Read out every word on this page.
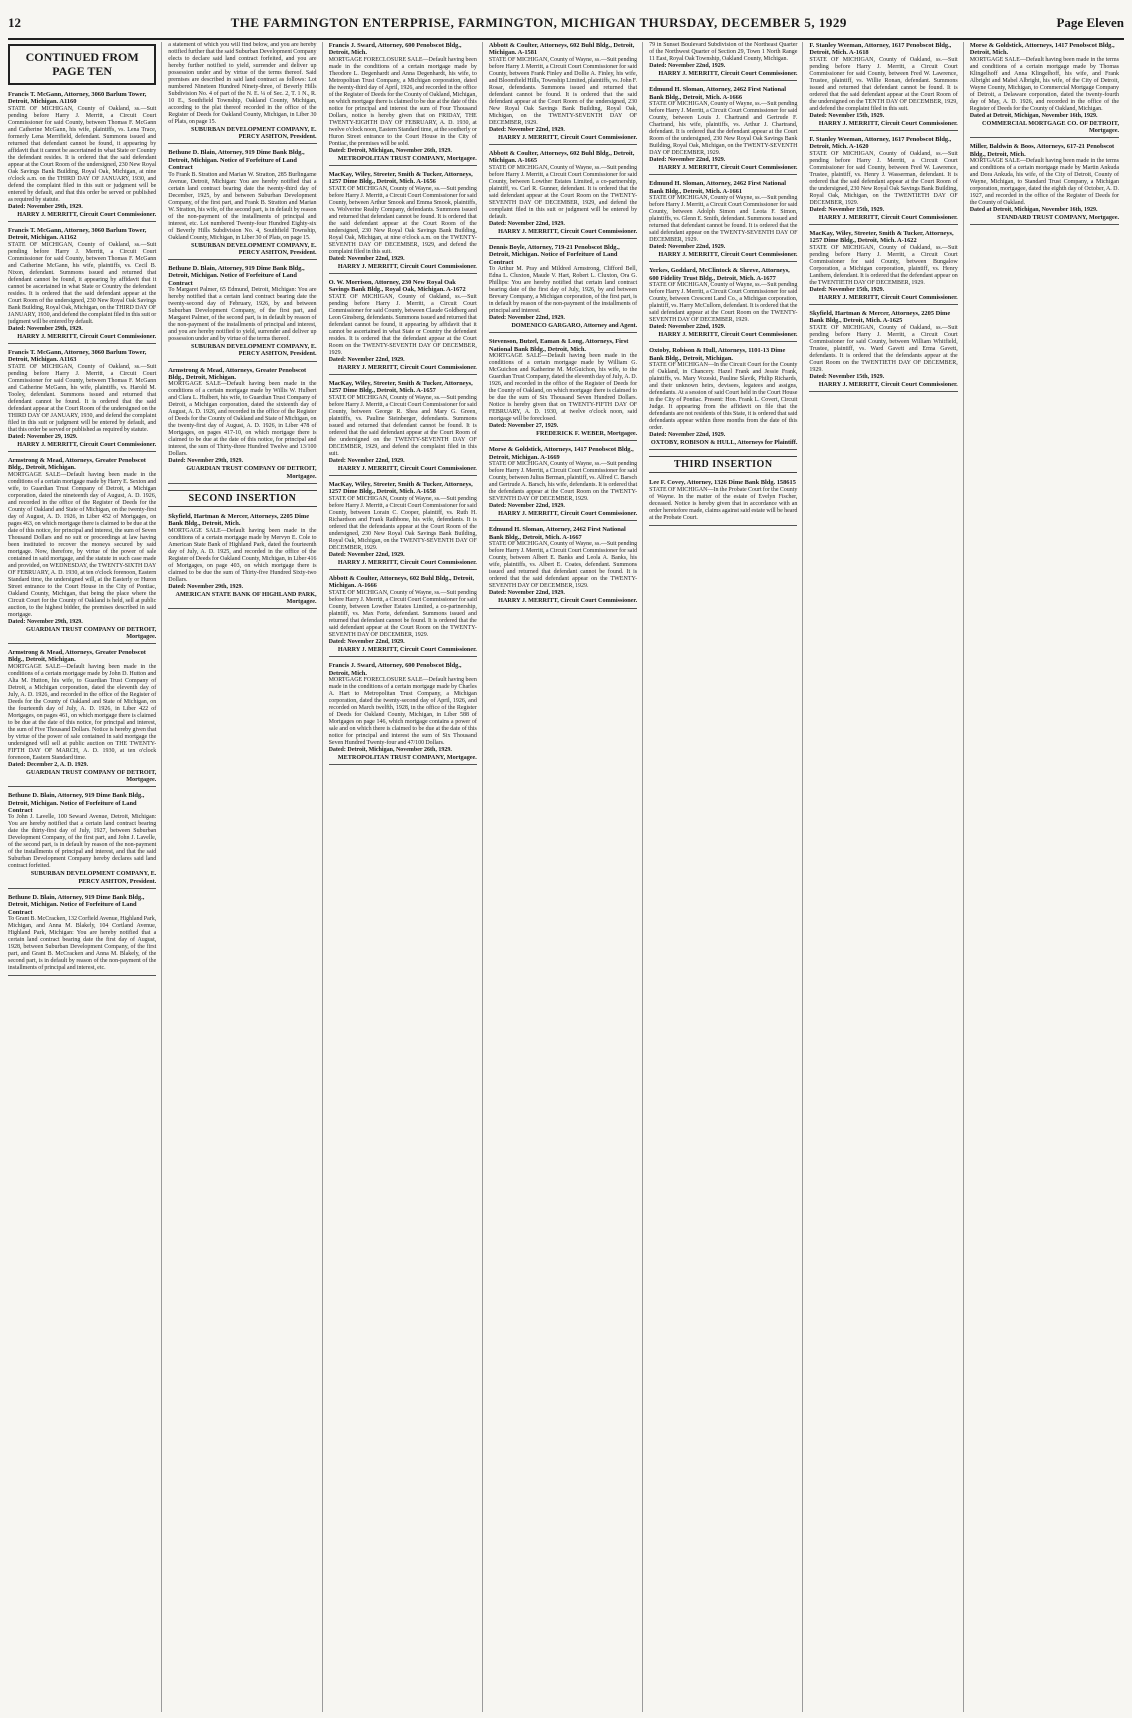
12	THE FARMINGTON ENTERPRISE, FARMINGTON, MICHIGAN THURSDAY, DECEMBER 5, 1929	Page Eleven
CONTINUED FROM PAGE TEN
Francis T. McGann, Attorney, 3060 Barlum Tower, Detroit, Michigan. A1160
STATE OF MICHIGAN, County of Oakland, ss.—Suit pending before Harry J. Merritt, a Circuit Court Commissioner for said County, between Thomas F. McGann and Catherine McGann, his wife, plaintiffs, vs. Lena Trace, formerly Lena Merrifield, defendant. Summons issued and returned that defendant cannot be found, it appearing by affidavit that it cannot be ascertained in what State or Country the defendant resides. It is ordered that the said defendant appear at the Court Room of the undersigned, 230 New Royal Oak Savings Bank Building, Royal Oak, Michigan, at nine o'clock a.m. on the THIRD DAY OF JANUARY, 1930, and defend the complaint filed in this suit or judgment will be entered by default, and that this order be served or published as required by statute.
Dated: November 29th, 1929.
HARRY J. MERRITT, Circuit Court Commissioner.
Francis T. McGann, Attorney, 3060 Barlum Tower, Detroit, Michigan. A1162
STATE OF MICHIGAN, County of Oakland, ss.—Suit pending before Harry J. Merritt, a Circuit Court Commissioner for said County, between Thomas F. McGann and Catherine McGann, his wife, plaintiffs, vs. Cecil B. Nixon, defendant. Summons issued and returned that defendant cannot be found, it appearing by affidavit that it cannot be ascertained in what State or Country the defendant resides. It is ordered that the said defendant appear at the Court Room of the undersigned, 230 New Royal Oak Savings Bank Building, Royal Oak, Michigan, on the THIRD DAY OF JANUARY, 1930, and defend the complaint filed in this suit or judgment will be entered by default.
Dated: November 29th, 1929.
HARRY J. MERRITT, Circuit Court Commissioner.
Francis T. McGann, Attorney, 3060 Barlum Tower, Detroit, Michigan. A1163
STATE OF MICHIGAN, County of Oakland, ss.—Suit pending before Harry J. Merritt, a Circuit Court Commissioner for said County, between Thomas F. McGann and Catherine McGann, his wife, plaintiffs, vs. Harold M. Tooley, defendant. Summons issued and returned that defendant cannot be found. It is ordered that the said defendant appear at the Court Room of the undersigned on the THIRD DAY OF JANUARY, 1930, and defend the complaint filed in this suit or judgment will be entered by default, and that this order be served or published as required by statute.
Dated: November 29, 1929.
HARRY J. MERRITT, Circuit Court Commissioner.
Armstrong & Mead, Attorneys, Greater Penobscot Bldg., Detroit, Michigan.
MORTGAGE SALE—Default having been made in the conditions of a certain mortgage made by Harry E. Sexton and wife, to Guardian Trust Company of Detroit, a Michigan corporation, dated the nineteenth day of August, A. D. 1926, and recorded in the office of the Register of Deeds for the County of Oakland and State of Michigan, on the twenty-first day of August, A. D. 1926, in Liber 452 of Mortgages, on pages 463, on which mortgage there is claimed to be due at the date of this notice, for principal and interest, the sum of Seven Thousand Dollars and no suit or proceedings at law having been instituted to recover the moneys secured by said mortgage. Now, therefore, by virtue of the power of sale contained in said mortgage, and the statute in such case made and provided, on WEDNESDAY, the TWENTY-SIXTH DAY OF FEBRUARY, A. D. 1930, at ten o'clock forenoon, Eastern Standard time, the undersigned will, at the Easterly or Huron Street entrance to the Court House in the City of Pontiac, Oakland County, Michigan, that being the place where the Circuit Court for the County of Oakland is held, sell at public auction, to the highest bidder, the premises described in said mortgage.
Dated: November 29th, 1929.
GUARDIAN TRUST COMPANY OF DETROIT, Mortgagee.
Armstrong & Mead, Attorneys, Greater Penobscot Bldg., Detroit, Michigan.
MORTGAGE SALE—Default having been made in the conditions of a certain mortgage made by John D. Hutton and Alta M. Hutton, his wife, to Guardian Trust Company of Detroit, a Michigan corporation, dated the eleventh day of July, A. D. 1926, and recorded in the office of the Register of Deeds for the County of Oakland and State of Michigan, on the fourteenth day of July, A. D. 1926, in Liber 422 of Mortgages, on pages 461, on which mortgage there is claimed to be due at the date of this notice, for principal and interest, the sum of Five Thousand Dollars. Notice is hereby given that by virtue of the power of sale contained in said mortgage the undersigned will sell at public auction on THE TWENTY-FIFTH DAY OF MARCH, A. D. 1930, at ten o'clock forenoon, Eastern Standard time.
Dated: December 2, A. D. 1929.
GUARDIAN TRUST COMPANY OF DETROIT, Mortgagee.
Bethune D. Blain, Attorney, 919 Dime Bank Bldg., Detroit, Michigan. Notice of Forfeiture of Land Contract
To John J. Lavelle, 100 Seward Avenue, Detroit, Michigan: You are hereby notified that a certain land contract bearing date the thirty-first day of July, 1927, between Suburban Development Company, of the first part, and John J. Lavelle, of the second part, is in default by reason of the non-payment of the installments of principal and interest, and that the said Suburban Development Company hereby declares said land contract forfeited.
SUBURBAN DEVELOPMENT COMPANY, E. PERCY ASHTON, President.
Bethune D. Blain, Attorney, 919 Dime Bank Bldg., Detroit, Michigan. Notice of Forfeiture of Land Contract
To Grant B. McCracken, 132 Corfield Avenue, Highland Park, Michigan, and Anna M. Blakely, 104 Cortland Avenue, Highland Park, Michigan: You are hereby notified that a certain land contract bearing date the first day of August, 1928, between Suburban Development Company, of the first part, and Grant B. McCracken and Anna M. Blakely, of the second part, is in default by reason of the non-payment of the installments of principal and interest, etc.
a statement of which you will find below, and you are hereby notified further that the said Suburban Development Company elects to declare said land contract forfeited, and you are hereby further notified to yield, surrender and deliver up possession under and by virtue of the terms thereof. Said premises are described in said land contract as follows: Lot numbered Nineteen Hundred Ninety-three, of Beverly Hills Subdivision No. 4 of part of the N. E. ¼ of Sec. 2, T. 1 N., R. 10 E., Southfield Township, Oakland County, Michigan, according to the plat thereof recorded in the office of the Register of Deeds for Oakland County, Michigan, in Liber 30 of Plats, on page 15.
SUBURBAN DEVELOPMENT COMPANY, E. PERCY ASHTON, President.
Bethune D. Blain, Attorney, 919 Dime Bank Bldg., Detroit, Michigan. Notice of Forfeiture of Land Contract
To Frank B. Stratton and Marian W. Stratton, 285 Burlingame Avenue, Detroit, Michigan: You are hereby notified that a certain land contract bearing date the twenty-third day of December, 1925, by and between Suburban Development Company, of the first part, and Frank B. Stratton and Marian W. Stratton, his wife, of the second part, is in default by reason of the non-payment of the installments of principal and interest, etc. Lot numbered Twenty-four Hundred Eighty-six of Beverly Hills Subdivision No. 4, Southfield Township, Oakland County, Michigan, in Liber 30 of Plats, on page 15.
SUBURBAN DEVELOPMENT COMPANY, E. PERCY ASHTON, President.
Bethune D. Blain, Attorney, 919 Dime Bank Bldg., Detroit, Michigan. Notice of Forfeiture of Land Contract
To Margaret Palmer, 65 Edmund, Detroit, Michigan: You are hereby notified that a certain land contract bearing date the twenty-second day of February, 1926, by and between Suburban Development Company, of the first part, and Margaret Palmer, of the second part, is in default by reason of the non-payment of the installments of principal and interest, and you are hereby notified to yield, surrender and deliver up possession under and by virtue of the terms thereof.
SUBURBAN DEVELOPMENT COMPANY, E. PERCY ASHTON, President.
Armstrong & Mead, Attorneys, Greater Penobscot Bldg., Detroit, Michigan.
MORTGAGE SALE—Default having been made in the conditions of a certain mortgage made by Willis W. Hulbert and Clara L. Hulbert, his wife, to Guardian Trust Company of Detroit, a Michigan corporation, dated the sixteenth day of August, A. D. 1926, and recorded in the office of the Register of Deeds for the County of Oakland and State of Michigan, on the twenty-first day of August, A. D. 1926, in Liber 478 of Mortgages, on pages 417-10, on which mortgage there is claimed to be due at the date of this notice, for principal and interest, the sum of Thirty-three Hundred Twelve and 13/100 Dollars.
Dated: November 29th, 1929.
GUARDIAN TRUST COMPANY OF DETROIT, Mortgagee.
SECOND INSERTION
Skyfield, Hartman & Mercer, Attorneys, 2205 Dime Bank Bldg., Detroit, Mich.
MORTGAGE SALE—Default having been made in the conditions of a certain mortgage made by Mervyn E. Cole to American State Bank of Highland Park, dated the fourteenth day of July, A. D. 1925, and recorded in the office of the Register of Deeds for Oakland County, Michigan, in Liber 416 of Mortgages, on page 403, on which mortgage there is claimed to be due the sum of Thirty-five Hundred Sixty-two Dollars.
Dated: November 29th, 1929.
AMERICAN STATE BANK OF HIGHLAND PARK, Mortgagee.
Francis J. Sward, Attorney, 600 Penobscot Bldg., Detroit, Mich.
MORTGAGE FORECLOSURE SALE—Default having been made in the conditions of a certain mortgage made by Theodore L. Degenhardt and Anna Degenhardt, his wife, to Metropolitan Trust Company, a Michigan corporation, dated the twenty-third day of April, 1926, and recorded in the office of the Register of Deeds for the County of Oakland, Michigan, on which mortgage there is claimed to be due at the date of this notice for principal and interest the sum of Four Thousand Dollars, notice is hereby given that on FRIDAY, THE TWENTY-EIGHTH DAY OF FEBRUARY, A. D. 1930, at twelve o'clock noon, Eastern Standard time, at the southerly or Huron Street entrance to the Court House in the City of Pontiac, the premises will be sold.
Dated: Detroit, Michigan, November 26th, 1929.
METROPOLITAN TRUST COMPANY, Mortgagee.
MacKay, Wiley, Streeter, Smith & Tucker, Attorneys, 1257 Dime Bldg., Detroit, Mich. A-1656
STATE OF MICHIGAN, County of Wayne, ss.—Suit pending before Harry J. Merritt, a Circuit Court Commissioner for said County, between Arthur Smook and Emma Smook, plaintiffs, vs. Wolverine Realty Company, defendants. Summons issued and returned that defendant cannot be found. It is ordered that the said defendant appear at the Court Room of the undersigned, 230 New Royal Oak Savings Bank Building, Royal Oak, Michigan, at nine o'clock a.m. on the TWENTY-SEVENTH DAY OF DECEMBER, 1929, and defend the complaint filed in this suit.
Dated: November 22nd, 1929.
HARRY J. MERRITT, Circuit Court Commissioner.
O. W. Morrison, Attorney, 230 New Royal Oak Savings Bank Bldg., Royal Oak, Michigan. A-1672
STATE OF MICHIGAN, County of Oakland, ss.—Suit pending before Harry J. Merritt, a Circuit Court Commissioner for said County, between Claude Goldberg and Leon Ginsberg, defendants. Summons issued and returned that defendant cannot be found, it appearing by affidavit that it cannot be ascertained in what State or Country the defendant resides. It is ordered that the defendant appear at the Court Room on the TWENTY-SEVENTH DAY OF DECEMBER, 1929.
Dated: November 22nd, 1929.
HARRY J. MERRITT, Circuit Court Commissioner.
MacKay, Wiley, Streeter, Smith & Tucker, Attorneys, 1257 Dime Bldg., Detroit, Mich. A-1657
STATE OF MICHIGAN, County of Wayne, ss.—Suit pending before Harry J. Merritt, a Circuit Court Commissioner for said County, between George R. Shea and Mary G. Green, plaintiffs, vs. Pauline Steinberger, defendants. Summons issued and returned that defendant cannot be found. It is ordered that the said defendant appear at the Court Room of the undersigned on the TWENTY-SEVENTH DAY OF DECEMBER, 1929, and defend the complaint filed in this suit.
Dated: November 22nd, 1929.
HARRY J. MERRITT, Circuit Court Commissioner.
MacKay, Wiley, Streeter, Smith & Tucker, Attorneys, 1257 Dime Bldg., Detroit, Mich. A-1658
STATE OF MICHIGAN, County of Wayne, ss.—Suit pending before Harry J. Merritt, a Circuit Court Commissioner for said County, between Lorain C. Cooper, plaintiff, vs. Ruth H. Richardson and Frank Rathbone, his wife, defendants. It is ordered that the defendants appear at the Court Room of the undersigned, 230 New Royal Oak Savings Bank Building, Royal Oak, Michigan, on the TWENTY-SEVENTH DAY OF DECEMBER, 1929.
Dated: November 22nd, 1929.
HARRY J. MERRITT, Circuit Court Commissioner.
Abbott & Coulter, Attorneys, 602 Buhl Bldg., Detroit, Michigan. A-1666
STATE OF MICHIGAN, County of Wayne, ss.—Suit pending before Harry J. Merritt, a Circuit Court Commissioner for said County, between Lowther Estates Limited, a co-partnership, plaintiff, vs. Max Forte, defendant. Summons issued and returned that defendant cannot be found. It is ordered that the said defendant appear at the Court Room on the TWENTY-SEVENTH DAY OF DECEMBER, 1929.
Dated: November 22nd, 1929.
HARRY J. MERRITT, Circuit Court Commissioner.
Francis J. Sward, Attorney, 600 Penobscot Bldg., Detroit, Mich.
MORTGAGE FORECLOSURE SALE—Default having been made in the conditions of a certain mortgage made by Charles A. Hart to Metropolitan Trust Company, a Michigan corporation, dated the twenty-second day of April, 1926, and recorded on March twelfth, 1928, in the office of the Register of Deeds for Oakland County, Michigan, in Liber 588 of Mortgages on page 146, which mortgage contains a power of sale and on which there is claimed to be due at the date of this notice for principal and interest the sum of Six Thousand Seven Hundred Twenty-four and 47/100 Dollars.
Dated: Detroit, Michigan, November 26th, 1929.
METROPOLITAN TRUST COMPANY, Mortgagee.
Abbott & Coulter, Attorneys, 602 Buhl Bldg., Detroit, Michigan. A-1581
STATE OF MICHIGAN, County of Wayne, ss.—Suit pending before Harry J. Merritt, a Circuit Court Commissioner for said County, between Frank Finley and Dollie A. Finley, his wife, and Bloomfield Hills, Township Limited, plaintiffs, vs. John F. Rosar, defendants. Summons issued and returned that defendant cannot be found. It is ordered that the said defendant appear at the Court Room of the undersigned, 230 New Royal Oak Savings Bank Building, Royal Oak, Michigan, on the TWENTY-SEVENTH DAY OF DECEMBER, 1929.
Dated: November 22nd, 1929.
HARRY J. MERRITT, Circuit Court Commissioner.
Abbott & Coulter, Attorneys, 602 Buhl Bldg., Detroit, Michigan. A-1665
STATE OF MICHIGAN, County of Wayne, ss.—Suit pending before Harry J. Merritt, a Circuit Court Commissioner for said County, between Lowther Estates Limited, a co-partnership, plaintiff, vs. Carl R. Gunner, defendant. It is ordered that the said defendant appear at the Court Room on the TWENTY-SEVENTH DAY OF DECEMBER, 1929, and defend the complaint filed in this suit or judgment will be entered by default.
Dated: November 22nd, 1929.
HARRY J. MERRITT, Circuit Court Commissioner.
Dennis Boyle, Attorney, 719-21 Penobscot Bldg., Detroit, Michigan. Notice of Forfeiture of Land Contract
To Arthur M. Pray and Mildred Armstrong, Clifford Bell, Edna L. Cluxton, Maude V. Hart, Robert L. Cluxton, Ora G. Phillips: You are hereby notified that certain land contract bearing date of the first day of July, 1926, by and between Brevary Company, a Michigan corporation, of the first part, is in default by reason of the non-payment of the installments of principal and interest.
Dated: November 22nd, 1929.
DOMENICO GARGARO, Attorney and Agent.
Stevenson, Butzel, Eaman & Long, Attorneys, First National Bank Bldg., Detroit, Mich.
MORTGAGE SALE—Default having been made in the conditions of a certain mortgage made by William G. McGuichon and Katherine M. McGuichon, his wife, to the Guardian Trust Company, dated the eleventh day of July, A. D. 1926, and recorded in the office of the Register of Deeds for the County of Oakland, on which mortgage there is claimed to be due the sum of Six Thousand Seven Hundred Dollars. Notice is hereby given that on TWENTY-FIFTH DAY OF FEBRUARY, A. D. 1930, at twelve o'clock noon, said mortgage will be foreclosed.
Dated: November 27, 1929.
FREDERICK F. WEBER, Mortgagee.
Morse & Goldstick, Attorneys, 1417 Penobscot Bldg., Detroit, Michigan. A-1669
STATE OF MICHIGAN, County of Wayne, ss.—Suit pending before Harry J. Merritt, a Circuit Court Commissioner for said County, between Julius Berman, plaintiff, vs. Alfred C. Barsch and Gertrude A. Barsch, his wife, defendants. It is ordered that the defendants appear at the Court Room on the TWENTY-SEVENTH DAY OF DECEMBER, 1929.
Dated: November 22nd, 1929.
HARRY J. MERRITT, Circuit Court Commissioner.
Edmund H. Sloman, Attorney, 2462 First National Bank Bldg., Detroit, Mich. A-1667
STATE OF MICHIGAN, County of Wayne, ss.—Suit pending before Harry J. Merritt, a Circuit Court Commissioner for said County, between Albert E. Banks and Leola A. Banks, his wife, plaintiffs, vs. Albert E. Coates, defendant. Summons issued and returned that defendant cannot be found. It is ordered that the said defendant appear on the TWENTY-SEVENTH DAY OF DECEMBER, 1929.
Dated: November 22nd, 1929.
HARRY J. MERRITT, Circuit Court Commissioner.
79 in Sunset Boulevard Subdivision of the Northeast Quarter of the Northwest Quarter of Section 29, Town 1 North Range 11 East, Royal Oak Township, Oakland County, Michigan.
Dated: November 22nd, 1929.
HARRY J. MERRITT, Circuit Court Commissioner.
Edmund H. Sloman, Attorney, 2462 First National Bank Bldg., Detroit, Mich. A-1666
STATE OF MICHIGAN, County of Wayne, ss.—Suit pending before Harry J. Merritt, a Circuit Court Commissioner for said County, between Louis J. Chartrand and Gertrude F. Chartrand, his wife, plaintiffs, vs. Arthur J. Chartrand, defendant. It is ordered that the defendant appear at the Court Room of the undersigned, 230 New Royal Oak Savings Bank Building, Royal Oak, Michigan, on the TWENTY-SEVENTH DAY OF DECEMBER, 1929.
Dated: November 22nd, 1929.
HARRY J. MERRITT, Circuit Court Commissioner.
Edmund H. Sloman, Attorney, 2462 First National Bank Bldg., Detroit, Mich. A-1661
STATE OF MICHIGAN, County of Wayne, ss.—Suit pending before Harry J. Merritt, a Circuit Court Commissioner for said County, between Adolph Simon and Leota F. Simon, plaintiffs, vs. Glenn E. Smith, defendant. Summons issued and returned that defendant cannot be found. It is ordered that the said defendant appear on the TWENTY-SEVENTH DAY OF DECEMBER, 1929.
Dated: November 22nd, 1929.
HARRY J. MERRITT, Circuit Court Commissioner.
Yerkes, Goddard, McClintock & Shreve, Attorneys, 600 Fidelity Trust Bldg., Detroit, Mich. A-1677
STATE OF MICHIGAN, County of Wayne, ss.—Suit pending before Harry J. Merritt, a Circuit Court Commissioner for said County, between Crescent Land Co., a Michigan corporation, plaintiff, vs. Harry McCullom, defendant. It is ordered that the said defendant appear at the Court Room on the TWENTY-SEVENTH DAY OF DECEMBER, 1929.
Dated: November 22nd, 1929.
HARRY J. MERRITT, Circuit Court Commissioner.
Oxtoby, Robison & Hull, Attorneys, 1101-13 Dime Bank Bldg., Detroit, Michigan.
STATE OF MICHIGAN—In the Circuit Court for the County of Oakland, in Chancery. Hazel Frank and Jessie Frank, plaintiffs, vs. Mary Vozeski, Pauline Slavik, Philip Richards, and their unknown heirs, devisees, legatees and assigns, defendants. At a session of said Court held in the Court House in the City of Pontiac. Present: Hon. Frank L. Covert, Circuit Judge. It appearing from the affidavit on file that the defendants are not residents of this State, it is ordered that said defendants appear within three months from the date of this order.
Dated: November 22nd, 1929.
OXTOBY, ROBISON & HULL, Attorneys for Plaintiff.
THIRD INSERTION
Lee F. Covey, Attorney, 1326 Dime Bank Bldg. 158615
STATE OF MICHIGAN—In the Probate Court for the County of Wayne. In the matter of the estate of Evelyn Fischer, deceased. Notice is hereby given that in accordance with an order heretofore made, claims against said estate will be heard at the Probate Court.
F. Stanley Weeman, Attorney, 1617 Penobscot Bldg., Detroit, Mich. A-1618
STATE OF MICHIGAN, County of Oakland, ss.—Suit pending before Harry J. Merritt, a Circuit Court Commissioner for said County, between Fred W. Lawrence, Trustee, plaintiff, vs. Willie Ronan, defendant. Summons issued and returned that defendant cannot be found. It is ordered that the said defendant appear at the Court Room of the undersigned on the TENTH DAY OF DECEMBER, 1929, and defend the complaint filed in this suit.
Dated: November 15th, 1929.
HARRY J. MERRITT, Circuit Court Commissioner.
F. Stanley Weeman, Attorney, 1617 Penobscot Bldg., Detroit, Mich. A-1620
STATE OF MICHIGAN, County of Oakland, ss.—Suit pending before Harry J. Merritt, a Circuit Court Commissioner for said County, between Fred W. Lawrence, Trustee, plaintiff, vs. Henry J. Wasserman, defendant. It is ordered that the said defendant appear at the Court Room of the undersigned, 230 New Royal Oak Savings Bank Building, Royal Oak, Michigan, on the TWENTIETH DAY OF DECEMBER, 1929.
Dated: November 15th, 1929.
HARRY J. MERRITT, Circuit Court Commissioner.
MacKay, Wiley, Streeter, Smith & Tucker, Attorneys, 1257 Dime Bldg., Detroit, Mich. A-1622
STATE OF MICHIGAN, County of Oakland, ss.—Suit pending before Harry J. Merritt, a Circuit Court Commissioner for said County, between Bungalow Corporation, a Michigan corporation, plaintiff, vs. Henry Lanthem, defendant. It is ordered that the defendant appear on the TWENTIETH DAY OF DECEMBER, 1929.
Dated: November 15th, 1929.
HARRY J. MERRITT, Circuit Court Commissioner.
Skyfield, Hartman & Mercer, Attorneys, 2205 Dime Bank Bldg., Detroit, Mich. A-1625
STATE OF MICHIGAN, County of Oakland, ss.—Suit pending before Harry J. Merritt, a Circuit Court Commissioner for said County, between William Whitfield, Trustee, plaintiff, vs. Ward Gavett and Erma Gavett, defendants. It is ordered that the defendants appear at the Court Room on the TWENTIETH DAY OF DECEMBER, 1929.
Dated: November 15th, 1929.
HARRY J. MERRITT, Circuit Court Commissioner.
Morse & Goldstick, Attorneys, 1417 Penobscot Bldg., Detroit, Mich.
MORTGAGE SALE—Default having been made in the terms and conditions of a certain mortgage made by Thomas Klingelhoff and Anna Klingelhoff, his wife, and Frank Albright and Mabel Albright, his wife, of the City of Detroit, Wayne County, Michigan, to Commercial Mortgage Company of Detroit, a Delaware corporation, dated the twenty-fourth day of May, A. D. 1926, and recorded in the office of the Register of Deeds for the County of Oakland, Michigan.
Dated at Detroit, Michigan, November 16th, 1929.
COMMERCIAL MORTGAGE CO. OF DETROIT, Mortgagee.
Miller, Baldwin & Boos, Attorneys, 617-21 Penobscot Bldg., Detroit, Mich.
MORTGAGE SALE—Default having been made in the terms and conditions of a certain mortgage made by Martin Ankuda and Dora Ankuda, his wife, of the City of Detroit, County of Wayne, Michigan, to Standard Trust Company, a Michigan corporation, mortgagee, dated the eighth day of October, A. D. 1927, and recorded in the office of the Register of Deeds for the County of Oakland.
Dated at Detroit, Michigan, November 16th, 1929.
STANDARD TRUST COMPANY, Mortgagee.
